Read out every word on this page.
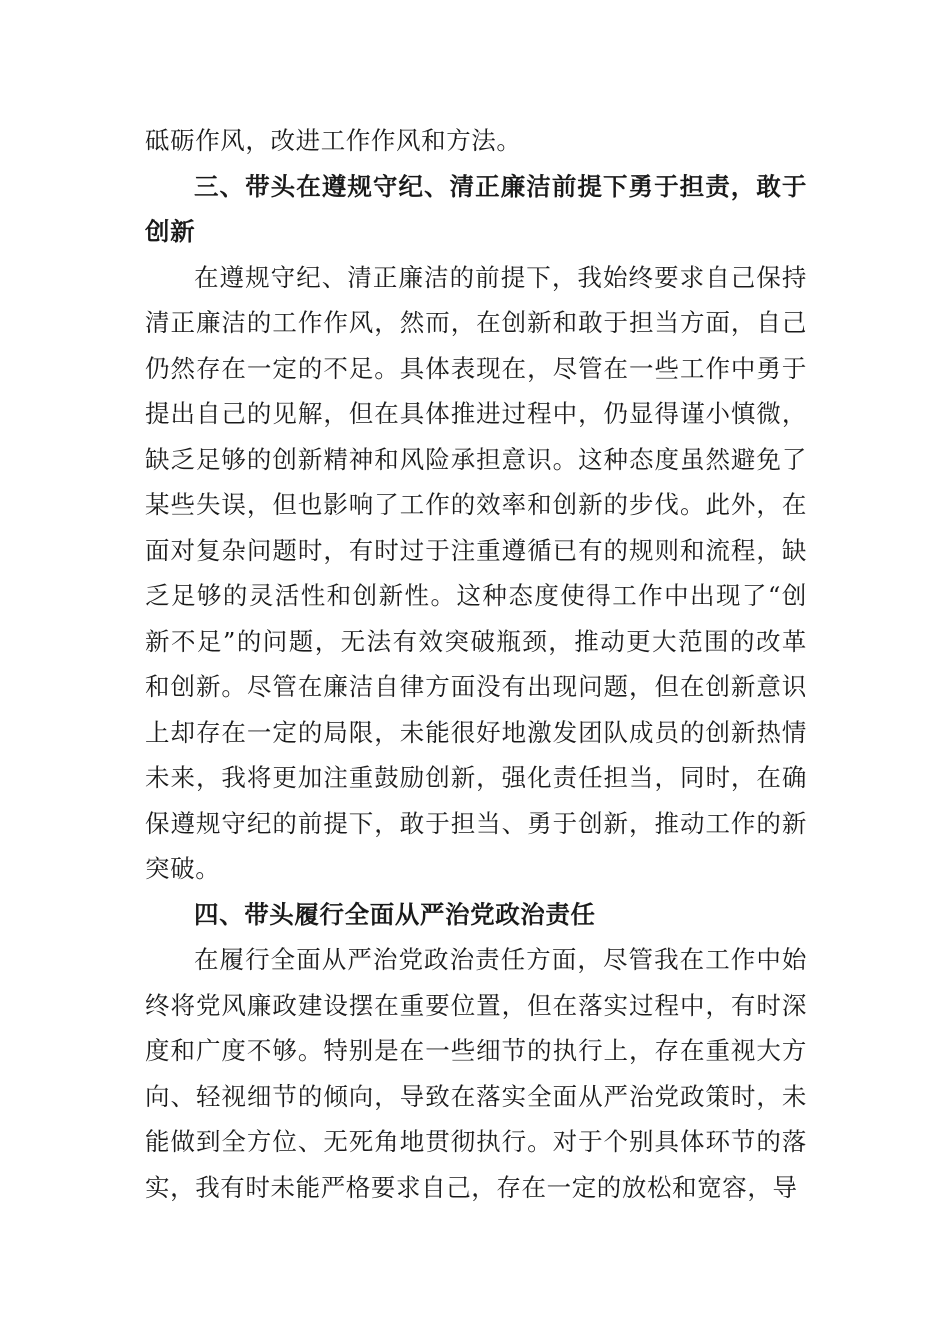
砥砺作风，改进工作作风和方法。

三、带头在遵规守纪、清正廉洁前提下勇于担责，敢于创新

在遵规守纪、清正廉洁的前提下，我始终要求自己保持清正廉洁的工作作风，然而，在创新和敢于担当方面，自己仍然存在一定的不足。具体表现在，尽管在一些工作中勇于提出自己的见解，但在具体推进过程中，仍显得谨小慎微，缺乏足够的创新精神和风险承担意识。这种态度虽然避免了某些失误，但也影响了工作的效率和创新的步伐。此外，在面对复杂问题时，有时过于注重遵循已有的规则和流程，缺乏足够的灵活性和创新性。这种态度使得工作中出现了“创新不足”的问题，无法有效突破瓶颈，推动更大范围的改革和创新。尽管在廉洁自律方面没有出现问题，但在创新意识上却存在一定的局限，未能很好地激发团队成员的创新热情未来，我将更加注重鼓励创新，强化责任担当，同时，在确保遵规守纪的前提下，敢于担当、勇于创新，推动工作的新突破。

四、带头履行全面从严治党政治责任

在履行全面从严治党政治责任方面，尽管我在工作中始终将党风廉政建设摆在重要位置，但在落实过程中，有时深度和广度不够。特别是在一些细节的执行上，存在重视大方向、轻视细节的倾向，导致在落实全面从严治党政策时，未能做到全方位、无死角地贯彻执行。对于个别具体环节的落实，我有时未能严格要求自己，存在一定的放松和宽容，导
